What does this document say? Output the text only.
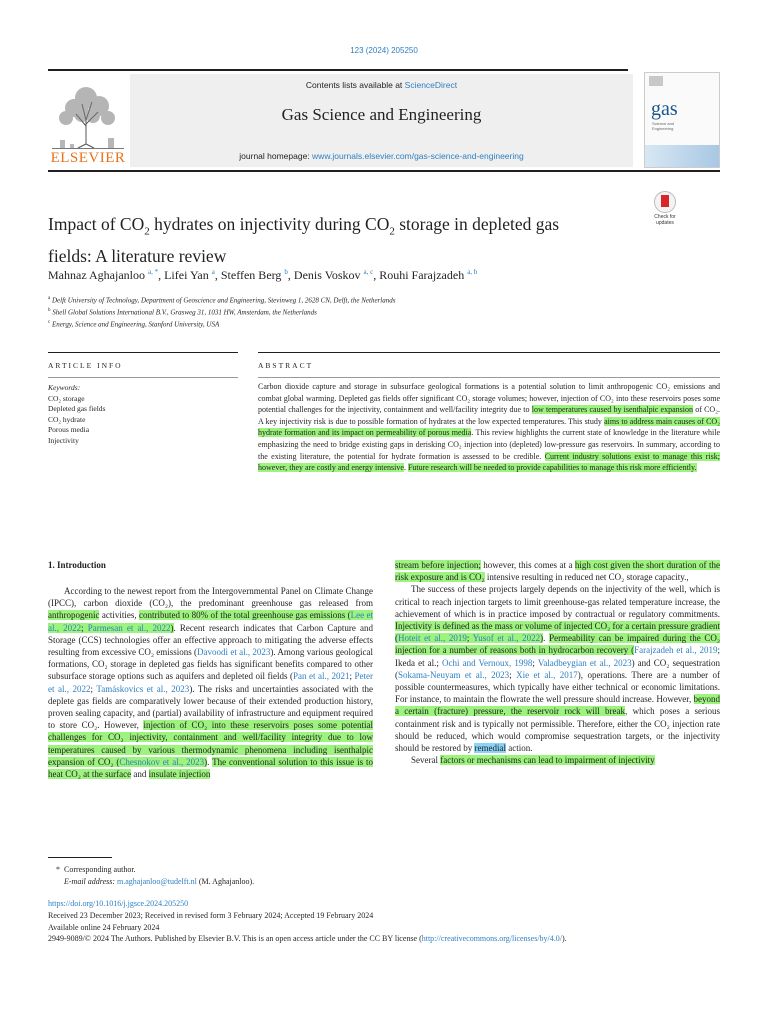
123 (2024) 205250
ELSEVIER
Contents lists available at ScienceDirect
Gas Science and Engineering
journal homepage: www.journals.elsevier.com/gas-science-and-engineering
gas
Science and Engineering
Impact of $CO_2$ hydrates on injectivity during $CO_2$ storage in depleted gas
fields: A literature review
Check for updates
Mahnaz Aghajanloo $^{a, *}$, Lifei Yan $^a$, Steffen Berg $^b$, Denis Voskov $^{a, c}$, Rouhi Farajzadeh $^{a, b}$
$^a$ Delft University of Technology, Department of Geoscience and Engineering, Stevinweg 1, 2628 CN, Delft, the Netherlands
$^b$ Shell Global Solutions International B.V., Grasweg 31, 1031 HW, Amsterdam, the Netherlands
$^c$ Energy, Science and Engineering, Stanford University, USA
ARTICLE INFO	ABSTRACT
Keywords:
CO₂ storage
Depleted gas fields
CO₂ hydrate
Porous media
Injectivity
Carbon dioxide capture and storage in subsurface geological formations is a potential solution to limit anthropogenic CO₂ emissions and combat global warming. Depleted gas fields offer significant CO₂ storage volumes; however, injection of CO₂ into these reservoirs poses some potential challenges for the injectivity, containment and well/facility integrity due to low temperatures caused by isenthalpic expansion of CO₂. A key injectivity risk is due to possible formation of hydrates at the low expected temperatures. This study aims to address main causes of CO₂ hydrate formation and its impact on permeability of porous media. This review highlights the current state of knowledge in the literature while emphasizing the need to bridge existing gaps in derisking CO₂ injection into (depleted) low-pressure gas reservoirs. In summary, according to the existing literature, the potential for hydrate formation is assessed to be credible. Current industry solutions exist to manage this risk; however, they are costly and energy intensive. Future research will be needed to provide capabilities to manage this risk more efficiently.
1. Introduction
According to the newest report from the Intergovernmental Panel on Climate Change (IPCC), carbon dioxide (CO₂), the predominant greenhouse gas released from anthropogenic activities, contributed to 80% of the total greenhouse gas emissions (Lee et al., 2022; Parmesan et al., 2022). Recent research indicates that Carbon Capture and Storage (CCS) technologies offer an effective approach to mitigating the adverse effects resulting from excessive CO₂ emissions (Davoodi et al., 2023). Among various geological formations, CO₂ storage in depleted gas fields has significant benefits compared to other subsurface storage options such as aquifers and depleted oil fields (Pan et al., 2021; Peter et al., 2022; Tamáskovics et al., 2023). The risks and uncertainties associated with the deplete gas fields are comparatively lower because of their extended production history, proven sealing capacity, and (partial) availability of infrastructure and equipment required to store CO₂. However, injection of CO₂ into these reservoirs poses some potential challenges for CO₂ injectivity, containment and well/facility integrity due to low temperatures caused by various thermodynamic phenomena including isenthalpic expansion of CO₂ (Chesnokov et al., 2023). The conventional solution to this issue is to heat CO₂ at the surface and insulate injection
stream before injection; however, this comes at a high cost given the short duration of the risk exposure and is CO₂ intensive resulting in reduced net CO₂ storage capacity.,
The success of these projects largely depends on the injectivity of the well, which is critical to reach injection targets to limit greenhouse-gas related temperature increase, the achievement of which is in practice imposed by contractual or regulatory commitments. Injectivity is defined as the mass or volume of injected CO₂ for a certain pressure gradient (Hoteit et al., 2019; Yusof et al., 2022). Permeability can be impaired during the CO₂ injection for a number of reasons both in hydrocarbon recovery (Farajzadeh et al., 2019; Ikeda et al.; Ochi and Vernoux, 1998; Valadbeygian et al., 2023) and CO₂ sequestration (Sokama-Neuyam et al., 2023; Xie et al., 2017), operations. There are a number of possible countermeasures, which typically have either technical or economic limitations. For instance, to maintain the flowrate the well pressure should increase. However, beyond a certain (fracture) pressure, the reservoir rock will break, which poses a serious containment risk and is typically not permissible. Therefore, either the CO₂ injection rate should be reduced, which would compromise sequestration targets, or the injectivity should be restored by remedial action.
Several factors or mechanisms can lead to impairment of injectivity
*  Corresponding author.
E-mail address: m.aghajanloo@tudelft.nl (M. Aghajanloo).
https://doi.org/10.1016/j.jgsce.2024.205250
Received 23 December 2023; Received in revised form 3 February 2024; Accepted 19 February 2024
Available online 24 February 2024
2949-9089/© 2024 The Authors. Published by Elsevier B.V. This is an open access article under the CC BY license (http://creativecommons.org/licenses/by/4.0/).
